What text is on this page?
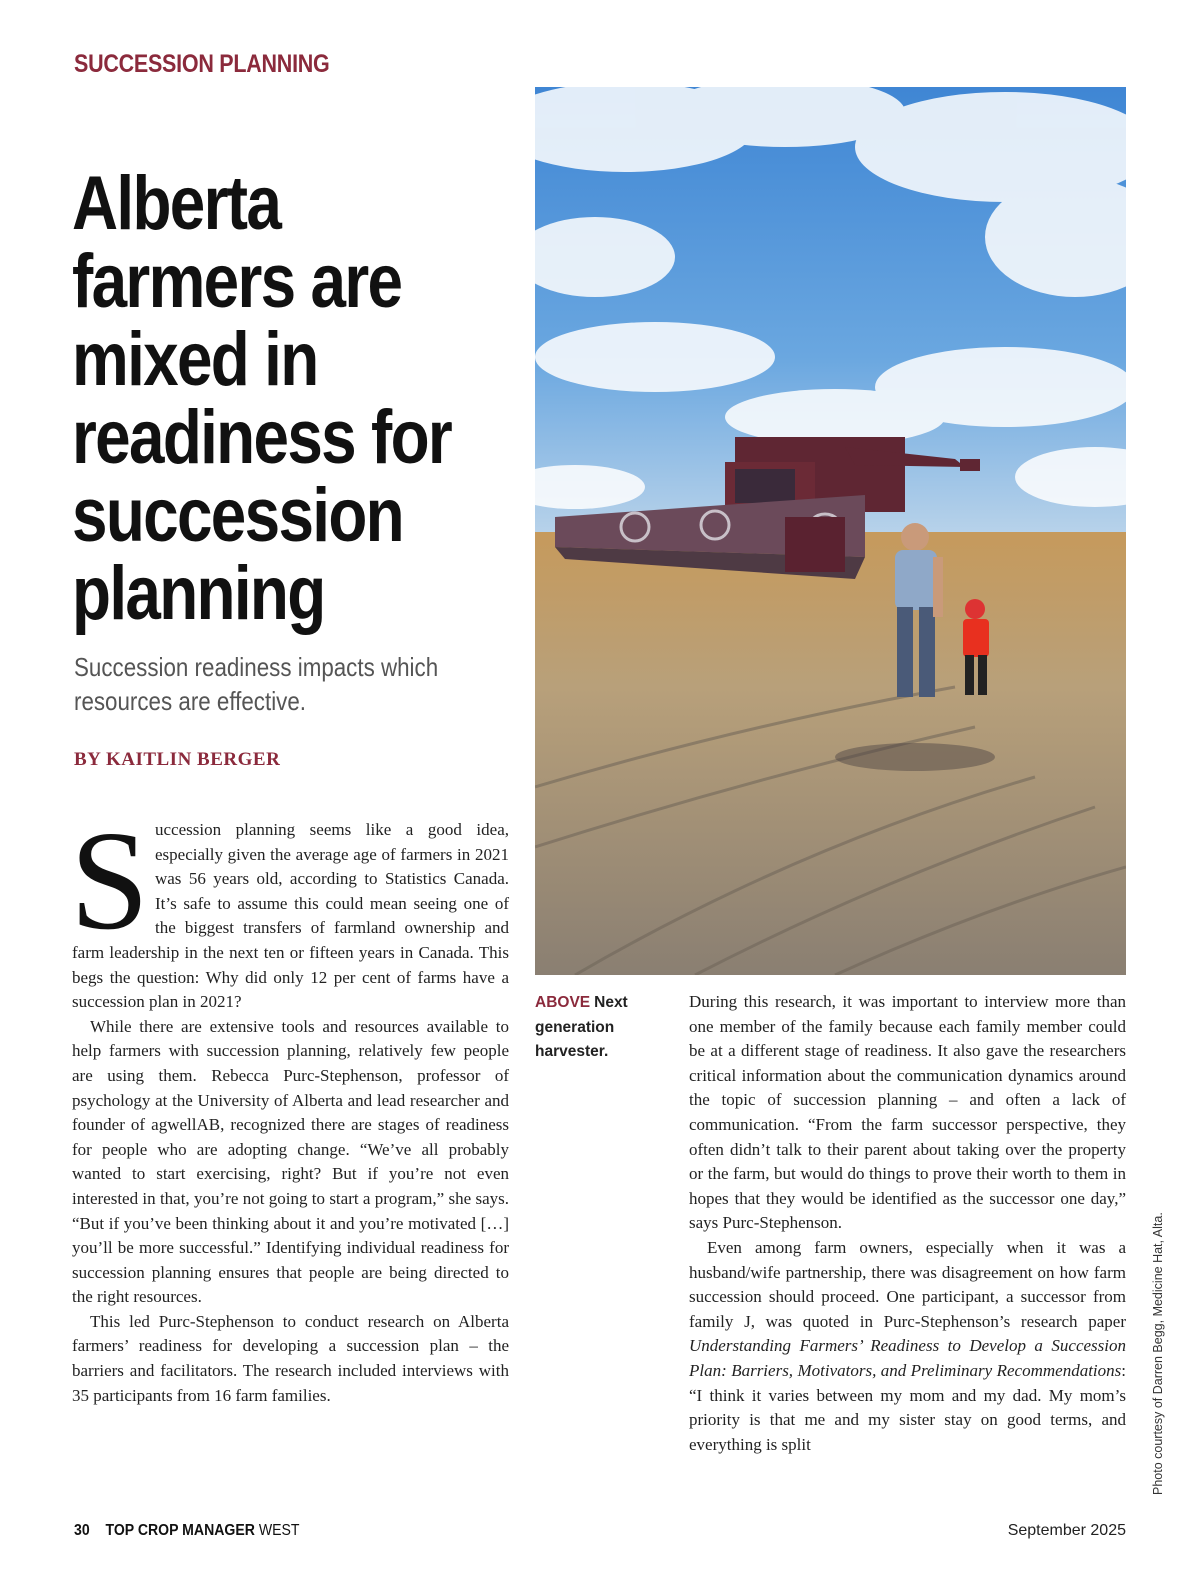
SUCCESSION PLANNING
Alberta farmers are mixed in readiness for succession planning

Succession readiness impacts which resources are effective.

BY KAITLIN BERGER

Succession planning seems like a good idea, especially given the average age of farmers in 2021 was 56 years old, according to Statistics Canada. It’s safe to assume this could mean seeing one of the biggest transfers of farmland ownership and farm leadership in the next ten or fifteen years in Canada. This begs the question: Why did only 12 per cent of farms have a succession plan in 2021?

While there are extensive tools and resources available to help farmers with succession planning, relatively few people are using them. Rebecca Purc-Stephenson, professor of psychology at the University of Alberta and lead researcher and founder of agwellAB, recognized there are stages of readiness for people who are adopting change. “We’ve all probably wanted to start exercising, right? But if you’re not even interested in that, you’re not going to start a program,” she says. “But if you’ve been thinking about it and you’re motivated […] you’ll be more successful.” Identifying individual readiness for succession planning ensures that people are being directed to the right resources.

This led Purc-Stephenson to conduct research on Alberta farmers’ readiness for developing a succession plan – the barriers and facilitators. The research included interviews with 35 participants from 16 farm families.

ABOVE Next generation harvester.

During this research, it was important to interview more than one member of the family because each family member could be at a different stage of readiness. It also gave the researchers critical information about the communication dynamics around the topic of succession planning – and often a lack of communication. “From the farm successor perspective, they often didn’t talk to their parent about taking over the property or the farm, but would do things to prove their worth to them in hopes that they would be identified as the successor one day,” says Purc-Stephenson.

Even among farm owners, especially when it was a husband/wife partnership, there was disagreement on how farm succession should proceed. One participant, a successor from family J, was quoted in Purc-Stephenson’s research paper Understanding Farmers’ Readiness to Develop a Succession Plan: Barriers, Motivators, and Preliminary Recommendations: “I think it varies between my mom and my dad. My mom’s priority is that me and my sister stay on good terms, and everything is split	Photo courtesy of Darren Begg, Medicine Hat, Alta.
30 TOP CROP MANAGER WEST	September 2025
